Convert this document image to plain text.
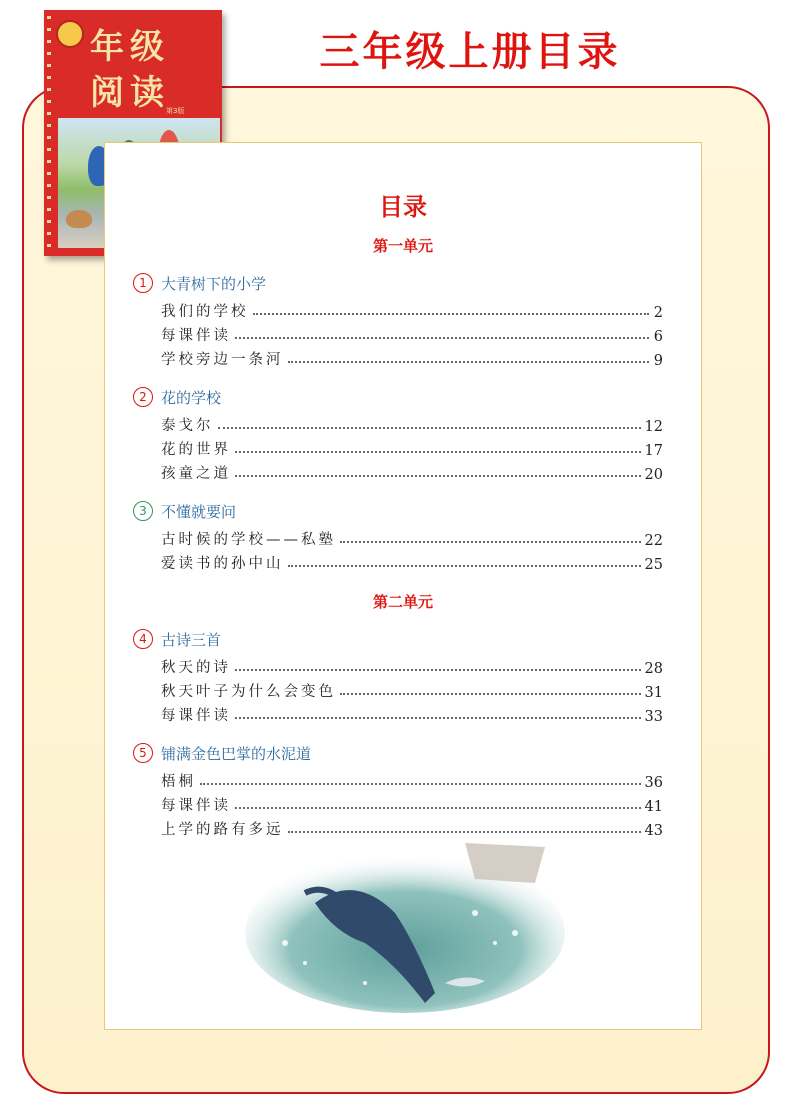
三年级上册目录
年级阅读
第3版
目录
第一单元
1 大青树下的小学
我们的学校	2
每课伴读	6
学校旁边一条河	9
2 花的学校
泰戈尔	12
花的世界	17
孩童之道	20
3 不懂就要问
古时候的学校——私塾	22
爱读书的孙中山	25
第二单元
4 古诗三首
秋天的诗	28
秋天叶子为什么会变色	31
每课伴读	33
5 铺满金色巴掌的水泥道
梧桐	36
每课伴读	41
上学的路有多远	43
